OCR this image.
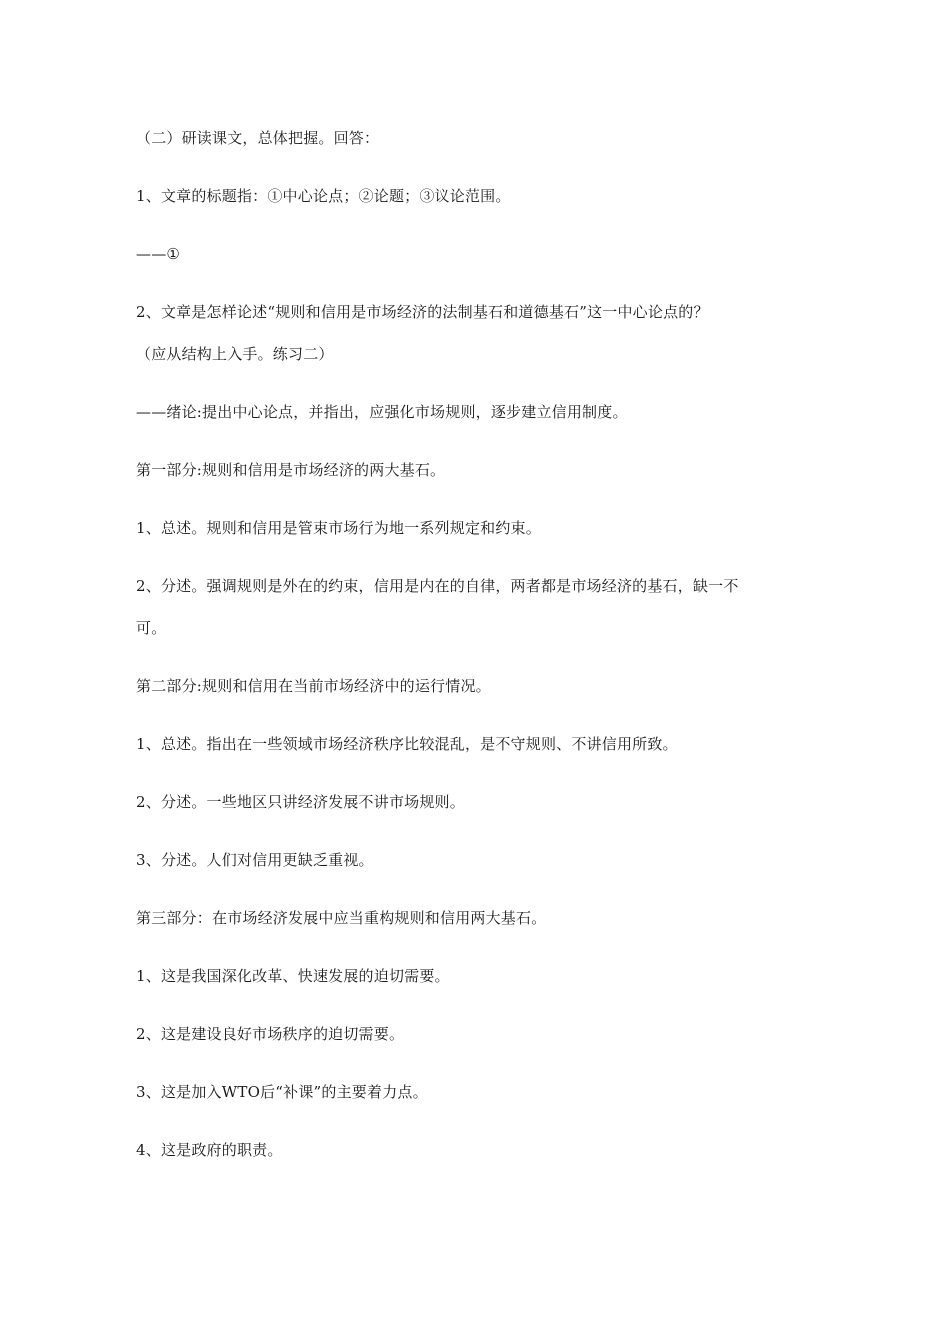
（二）研读课文，总体把握。回答：
1、文章的标题指：①中心论点；②论题；③议论范围。
——①
2、文章是怎样论述“规则和信用是市场经济的法制基石和道德基石”这一中心论点的？
（应从结构上入手。练习二）
——绪论:提出中心论点，并指出，应强化市场规则，逐步建立信用制度。
第一部分:规则和信用是市场经济的两大基石。
1、总述。规则和信用是管束市场行为地一系列规定和约束。
2、分述。强调规则是外在的约束，信用是内在的自律，两者都是市场经济的基石，缺一不
可。
第二部分:规则和信用在当前市场经济中的运行情况。
1、总述。指出在一些领域市场经济秩序比较混乱，是不守规则、不讲信用所致。
2、分述。一些地区只讲经济发展不讲市场规则。
3、分述。人们对信用更缺乏重视。
第三部分：在市场经济发展中应当重构规则和信用两大基石。
1、这是我国深化改革、快速发展的迫切需要。
2、这是建设良好市场秩序的迫切需要。
3、这是加入WTO后“补课”的主要着力点。
4、这是政府的职责。
